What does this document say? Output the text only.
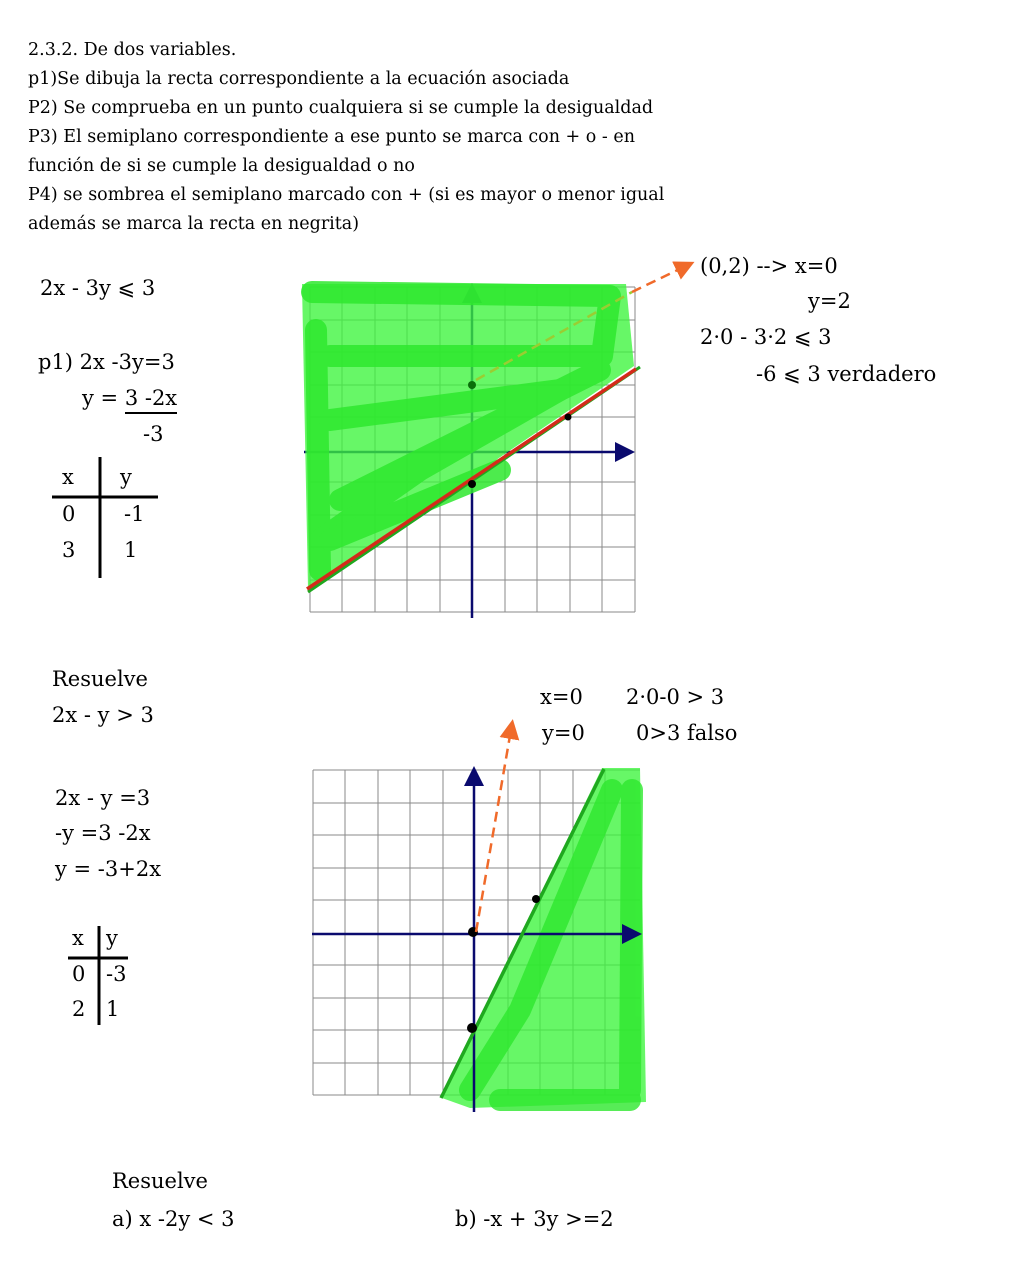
2.3.2. De dos variables.
p1)Se dibuja la recta correspondiente a la ecuación asociada
P2) Se comprueba en un punto cualquiera si se cumple la desigualdad
P3) El semiplano correspondiente a ese punto se marca con + o - en
función de si se cumple la desigualdad o no
P4) se sombrea el semiplano marcado con + (si es mayor o menor igual
además se marca la recta en negrita)
2x - 3y ⩽ 3
p1) 2x -3y=3
y = 3 -2x
-3
x y
0 -1
3 1
(0,2) --> x=0
y=2
2·0 - 3·2 ⩽ 3
-6 ⩽ 3 verdadero
Resuelve
2x - y > 3
2x - y =3
-y =3 -2x
y = -3+2x
x y
0 -3
2 1
x=0 2·0-0 > 3
y=0 0>3 falso
Resuelve
a) x -2y < 3	b) -x + 3y >=2
